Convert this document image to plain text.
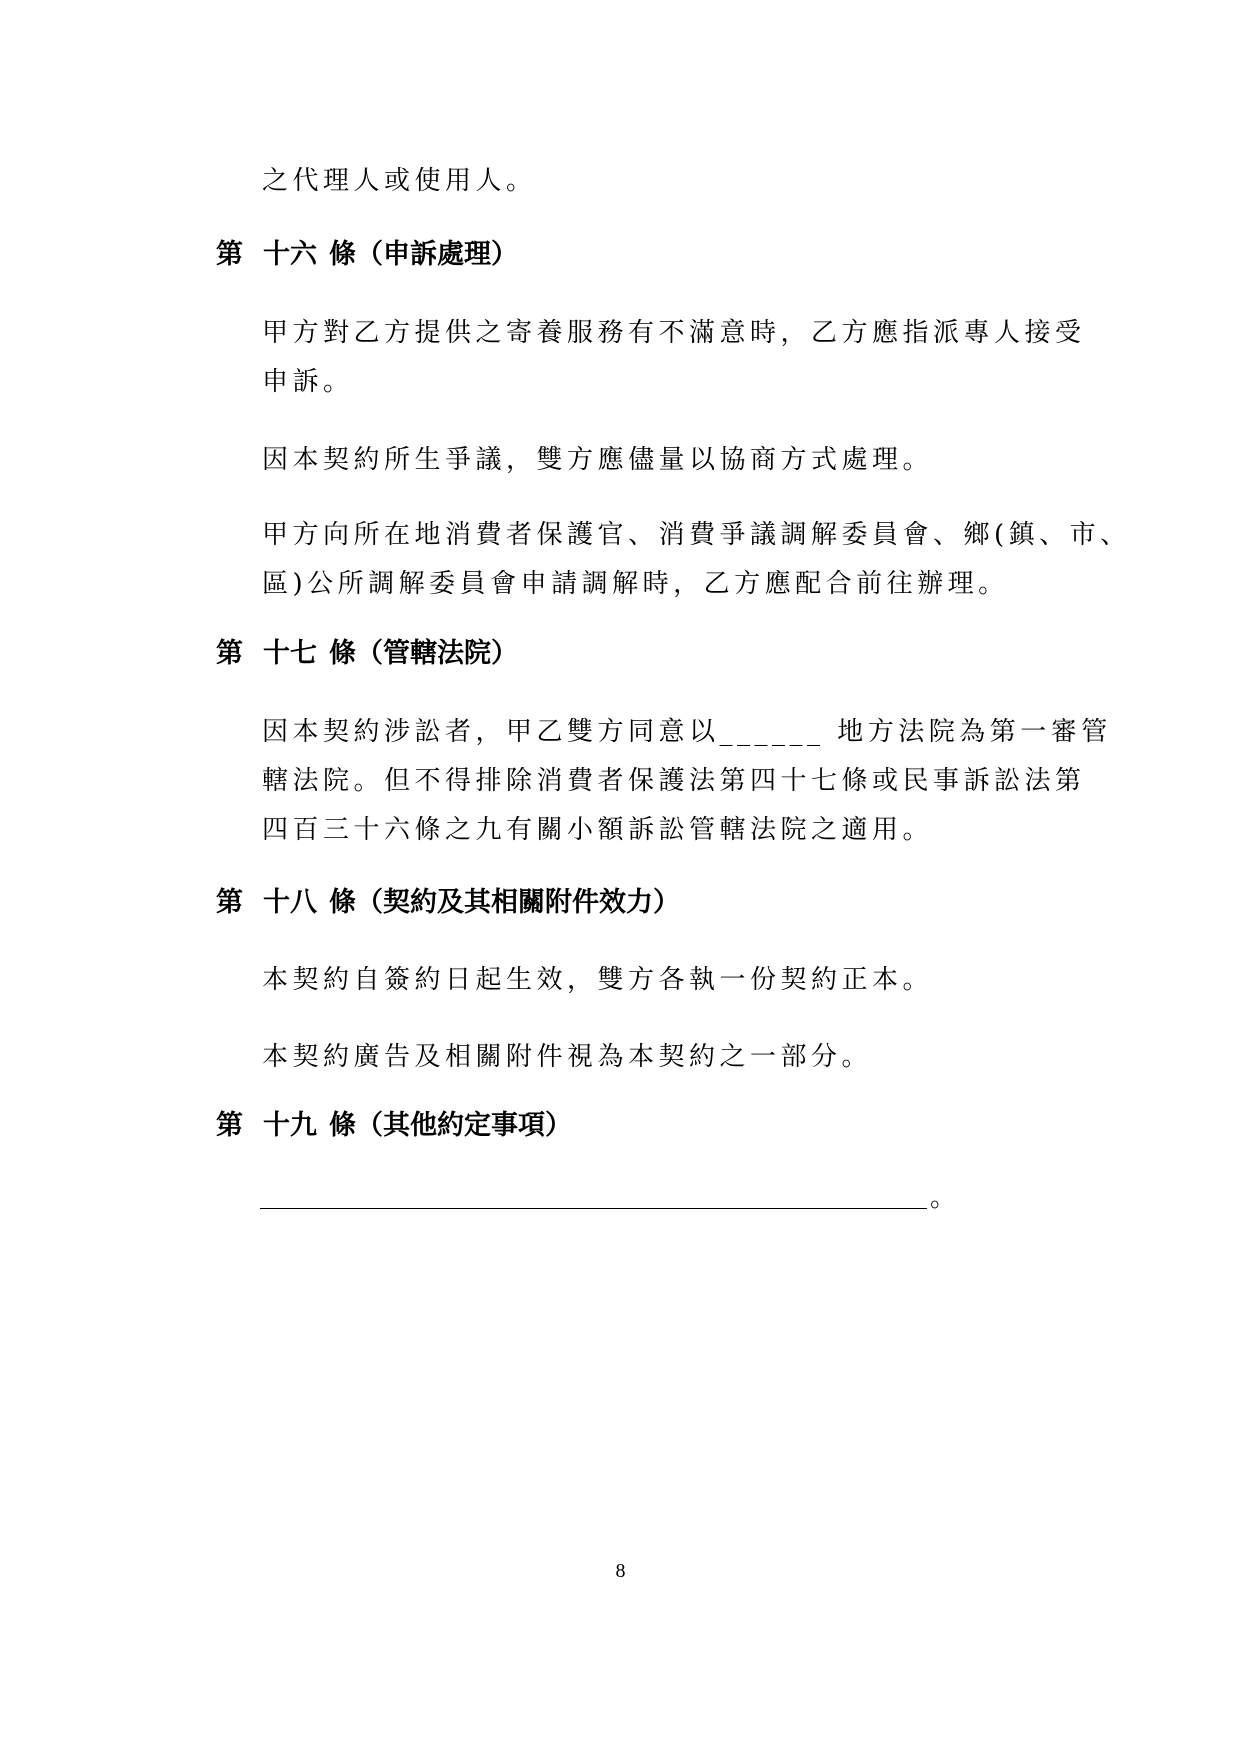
之代理人或使用人。

第 十六 條（申訴處理）

甲方對乙方提供之寄養服務有不滿意時，乙方應指派專人接受

申訴。

因本契約所生爭議，雙方應儘量以協商方式處理。

甲方向所在地消費者保護官、消費爭議調解委員會、鄉(鎮、市、

區)公所調解委員會申請調解時，乙方應配合前往辦理。

第 十七 條（管轄法院）

因本契約涉訟者，甲乙雙方同意以______ 地方法院為第一審管

轄法院。但不得排除消費者保護法第四十七條或民事訴訟法第

四百三十六條之九有關小額訴訟管轄法院之適用。

第 十八 條（契約及其相關附件效力）

本契約自簽約日起生效，雙方各執一份契約正本。

本契約廣告及相關附件視為本契約之一部分。

第 十九 條（其他約定事項）
。
8
